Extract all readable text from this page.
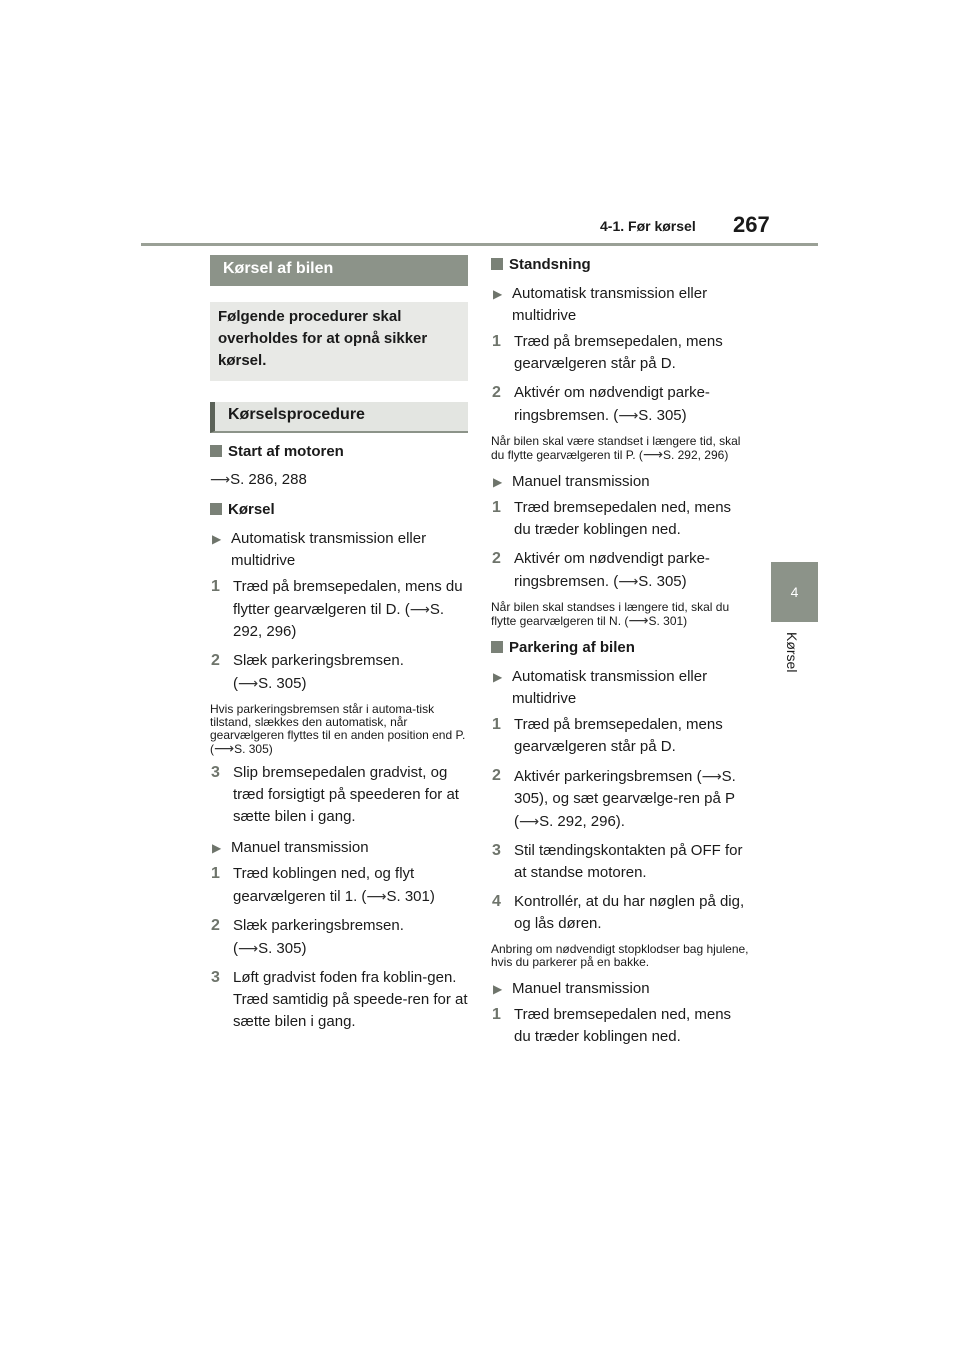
4-1. Før kørsel 267
4
Kørsel
Kørsel af bilen
Følgende procedurer skal overholdes for at opnå sikker kørsel.
Kørselsprocedure
Start af motoren
⟶S. 286, 288
Kørsel
▶ Automatisk transmission eller multidrive
1 Træd på bremsepedalen, mens du flytter gearvælgeren til D. (⟶S. 292, 296)
2 Slæk parkeringsbremsen.
(⟶S. 305)
Hvis parkeringsbremsen står i automa-tisk tilstand, slækkes den automatisk, når gearvælgeren flyttes til en anden position end P. (⟶S. 305)
3 Slip bremsepedalen gradvist, og træd forsigtigt på speederen for at sætte bilen i gang.
▶ Manuel transmission
1 Træd koblingen ned, og flyt gearvælgeren til 1. (⟶S. 301)
2 Slæk parkeringsbremsen.
(⟶S. 305)
3 Løft gradvist foden fra koblin-gen. Træd samtidig på speede-ren for at sætte bilen i gang.
Standsning
▶ Automatisk transmission eller multidrive
1 Træd på bremsepedalen, mens gearvælgeren står på D.
2 Aktivér om nødvendigt parke-ringsbremsen. (⟶S. 305)
Når bilen skal være standset i længere tid, skal du flytte gearvælgeren til P. (⟶S. 292, 296)
▶ Manuel transmission
1 Træd bremsepedalen ned, mens du træder koblingen ned.
2 Aktivér om nødvendigt parke-ringsbremsen. (⟶S. 305)
Når bilen skal standses i længere tid, skal du flytte gearvælgeren til N. (⟶S. 301)
Parkering af bilen
▶ Automatisk transmission eller multidrive
1 Træd på bremsepedalen, mens gearvælgeren står på D.
2 Aktivér parkeringsbremsen (⟶S. 305), og sæt gearvælge-ren på P (⟶S. 292, 296).
3 Stil tændingskontakten på OFF for at standse motoren.
4 Kontrollér, at du har nøglen på dig, og lås døren.
Anbring om nødvendigt stopklodser bag hjulene, hvis du parkerer på en bakke.
▶ Manuel transmission
1 Træd bremsepedalen ned, mens du træder koblingen ned.
